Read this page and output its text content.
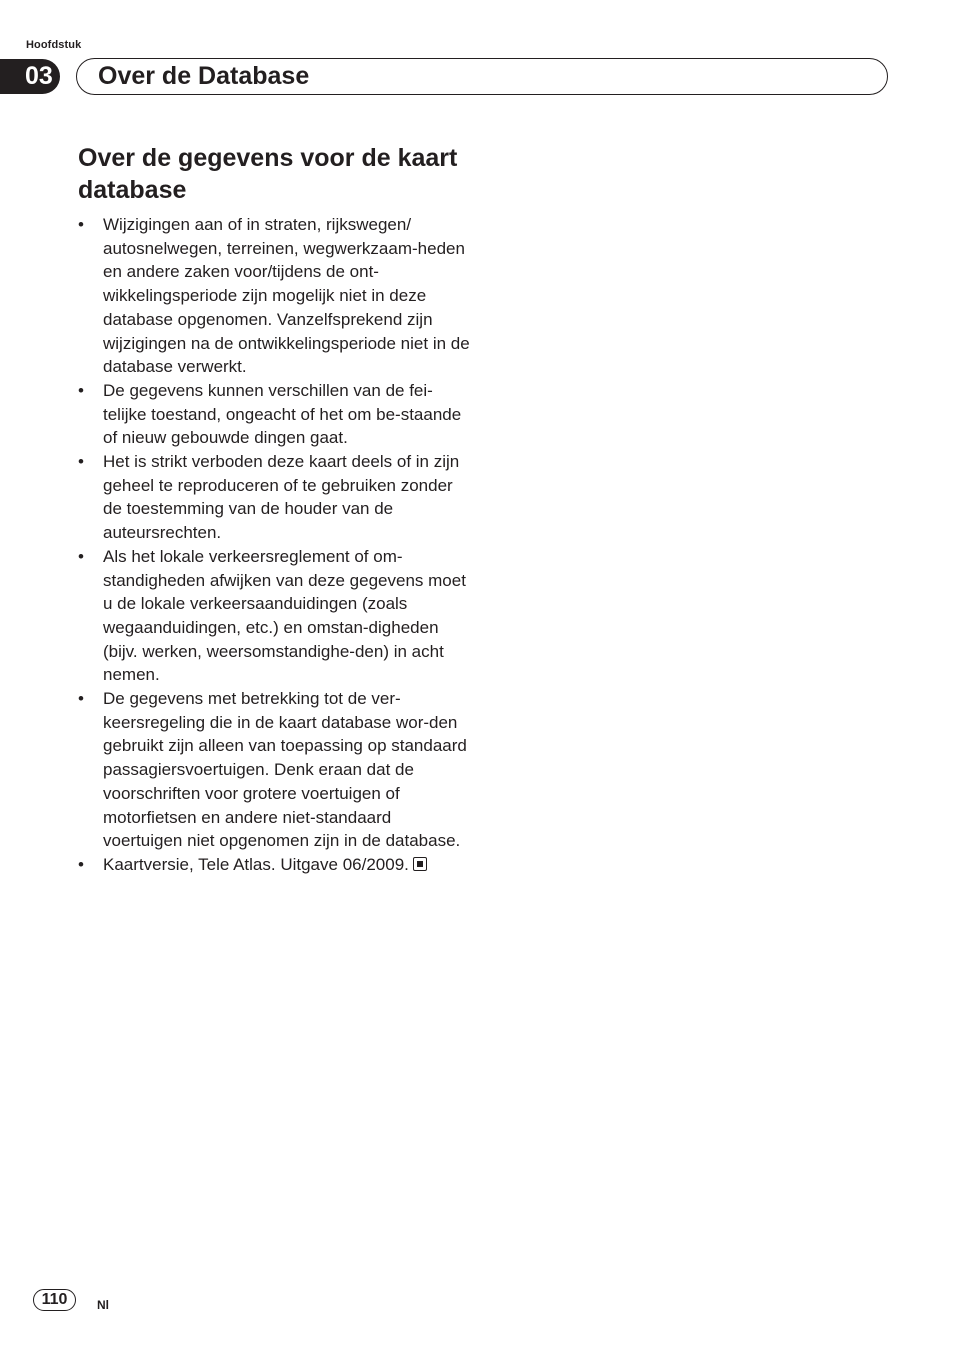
Hoofdstuk
03 Over de Database
Over de gegevens voor de kaart database
• Wijzigingen aan of in straten, rijkswegen/ autosnelwegen, terreinen, wegwerkzaam-heden en andere zaken voor/tijdens de ont-wikkelingsperiode zijn mogelijk niet in deze database opgenomen. Vanzelfsprekend zijn wijzigingen na de ontwikkelingsperiode niet in de database verwerkt.
• De gegevens kunnen verschillen van de fei-telijke toestand, ongeacht of het om be-staande of nieuw gebouwde dingen gaat.
• Het is strikt verboden deze kaart deels of in zijn geheel te reproduceren of te gebruiken zonder de toestemming van de houder van de auteursrechten.
• Als het lokale verkeersreglement of om-standigheden afwijken van deze gegevens moet u de lokale verkeersaanduidingen (zoals wegaanduidingen, etc.) en omstan-digheden (bijv. werken, weersomstandighe-den) in acht nemen.
• De gegevens met betrekking tot de ver-keersregeling die in de kaart database wor-den gebruikt zijn alleen van toepassing op standaard passagiersvoertuigen. Denk eraan dat de voorschriften voor grotere voertuigen of motorfietsen en andere niet-standaard voertuigen niet opgenomen zijn in de database.
• Kaartversie, Tele Atlas. Uitgave 06/2009.
110	Nl
